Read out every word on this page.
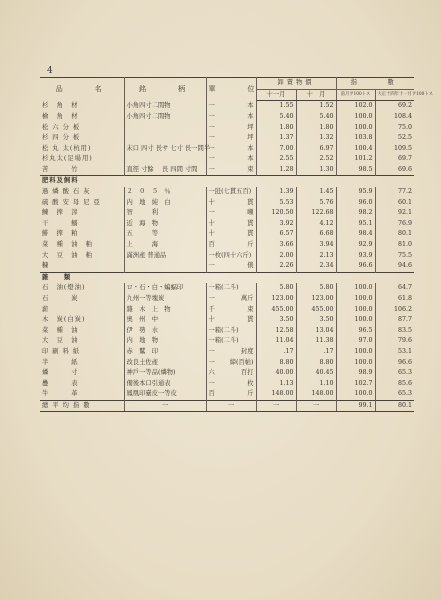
4
品　　名	銘　　柄	單　　位	卸賣物價		指　　數	
			十一月	十　月	前月ヲ100トス	大正十四年十一月ヲ100トス
杉　角　材	小角四寸二間物	一 本	1.55	1.52	102.0	69.2
檜　角　材	小角四寸二間物	一 本	5.40	5.40	100.0	108.4
松 六 分 板		一 坪	1.80	1.80	100.0	75.0
杉 四 分 板		一 坪	1.37	1.32	103.8	52.5
松 丸 太(杭用)	末口 四寸 長サ 七寸 長一間半	一 本	7.00	6.97	100.4	109.5
杉丸太(足場用)		一 本	2.55	2.52	101.2	69.7
苦　　　竹	直徑 寸餘　 長 四間 寸間	一 束	1.28	1.30	98.5	69.6
肥料及飼料						
過 燐 酸 石 灰	２　０　５　％	一瓩(七貫五百)	1.39	1.45	95.9	77.2
硫 酸 安 母 尼 亞	内　地　純　白	十 貫	5.53	5.76	96.0	60.1
鰊　搾　滓	智　　　利	一 噸	120.50	122.68	98.2	92.1
干　　　鰯	近　海　物	十 貫	3.92	4.12	95.1	76.9
鯡　搾　粕	五　　　等	十 貫	6.57	6.68	98.4	80.1
菜　種　油　粕	上　　　海	百 斤	3.66	3.94	92.9	81.0
大　豆　油　粕	滿洲產 普通品	一枚(四十六斤)	2.00	2.13	93.9	75.5
糠		一 俵	2.26	2.34	96.6	94.6
雜　　類						
石　油(燈油)	ロ・石・白・蝙蝠印	一箱(二斗)	5.80	5.80	100.0	64.7
石　　　炭	九州一等塊炭	一 萬斤	123.00	123.00	100.0	61.8
薪	雜　木　上　物	千 束	455.00	455.00	100.0	106.2
木　炭(白炭)	奧　州　中	十 貫	3.50	3.50	100.0	87.7
菜　種　油	伊　勢　水	一箱(二斗)	12.58	13.04	96.5	83.5
大　豆　油	内　地　物	一箱(二斗)	11.04	11.38	97.0	79.6
印 刷 料 紙	赤　鷲　印	一 封度	.17	.17	100.0	53.1
半　　　紙	改良土佐產	一 締(百帖)	8.80	8.80	100.0	96.6
燐　　　寸	神戶一等品(燐物)	六 百打	40.00	40.45	98.9	65.3
疊　　　表	備後本口引通表	一 枚	1.13	1.10	102.7	85.6
牛　　　革	鳳凰印臺皮一等皮	百 斤	148.00	148.00	100.0	65.3
總 平 均 指 數	一	一	一	一	99.1	80.1
